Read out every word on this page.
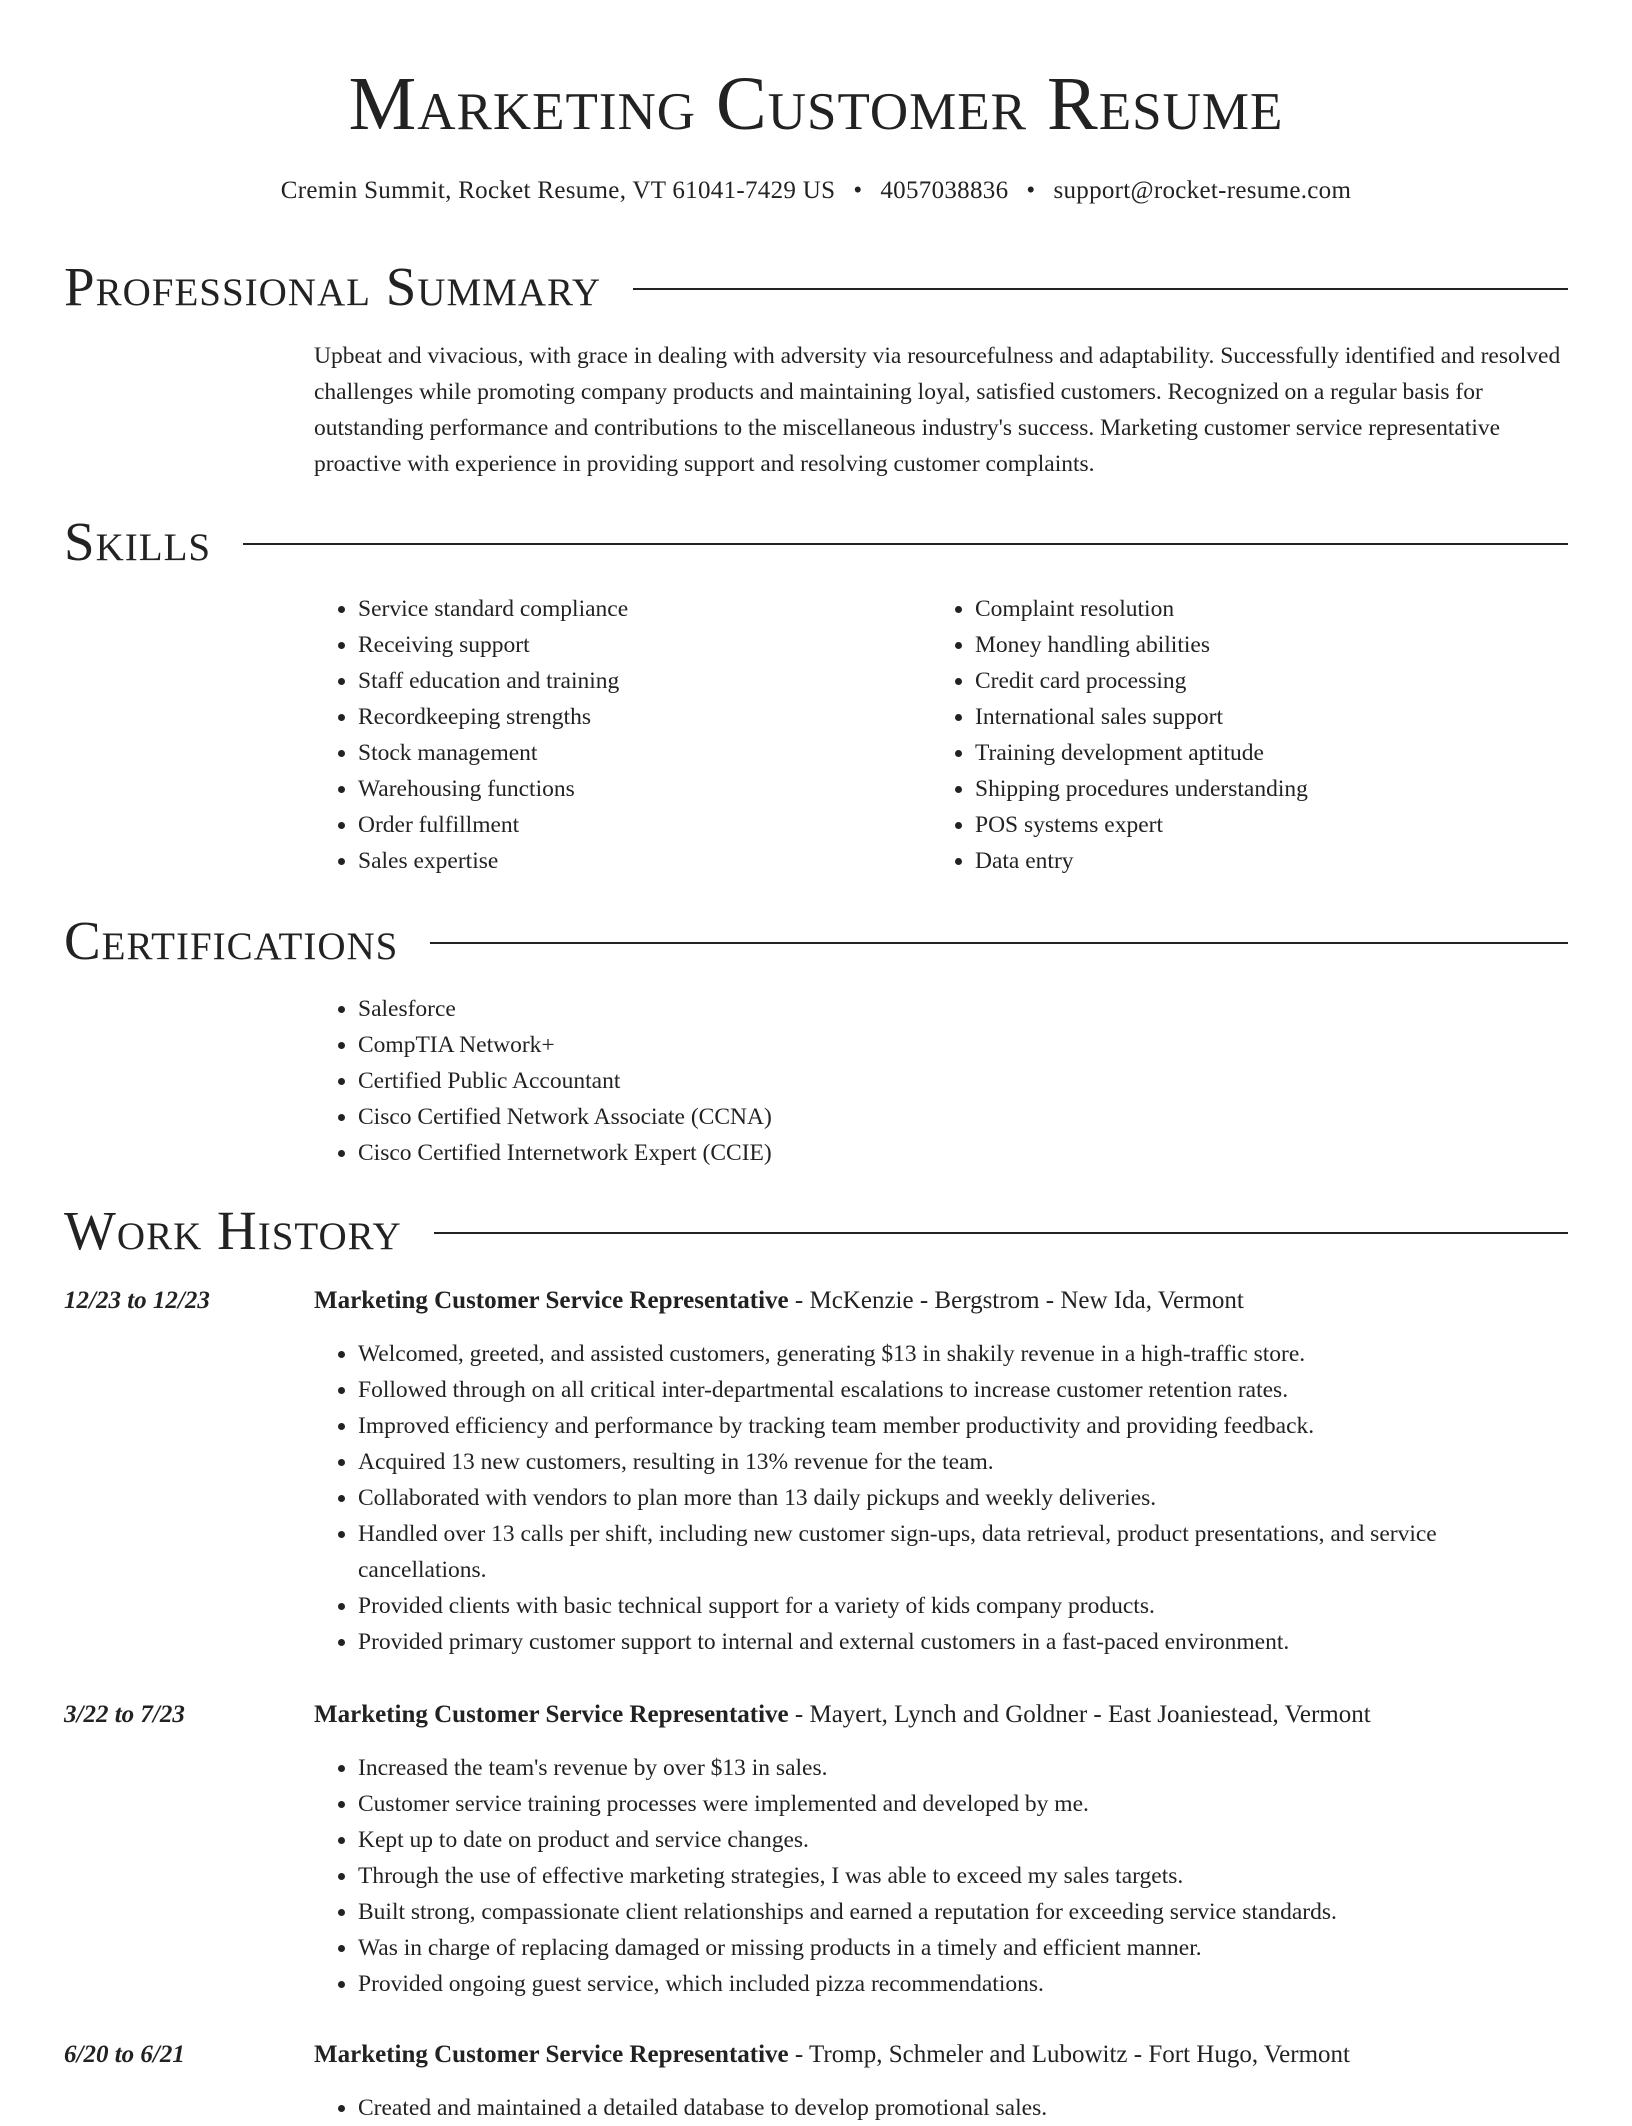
Marketing Customer Resume
Cremin Summit, Rocket Resume, VT 61041-7429 US • 4057038836 • support@rocket-resume.com
Professional Summary
Upbeat and vivacious, with grace in dealing with adversity via resourcefulness and adaptability. Successfully identified and resolved challenges while promoting company products and maintaining loyal, satisfied customers. Recognized on a regular basis for outstanding performance and contributions to the miscellaneous industry's success. Marketing customer service representative proactive with experience in providing support and resolving customer complaints.
Skills
• Service standard compliance
• Receiving support
• Staff education and training
• Recordkeeping strengths
• Stock management
• Warehousing functions
• Order fulfillment
• Sales expertise
• Complaint resolution
• Money handling abilities
• Credit card processing
• International sales support
• Training development aptitude
• Shipping procedures understanding
• POS systems expert
• Data entry
Certifications
• Salesforce
• CompTIA Network+
• Certified Public Accountant
• Cisco Certified Network Associate (CCNA)
• Cisco Certified Internetwork Expert (CCIE)
Work History
12/23 to 12/23	Marketing Customer Service Representative - McKenzie - Bergstrom - New Ida, Vermont
• Welcomed, greeted, and assisted customers, generating $13 in shakily revenue in a high-traffic store.
• Followed through on all critical inter-departmental escalations to increase customer retention rates.
• Improved efficiency and performance by tracking team member productivity and providing feedback.
• Acquired 13 new customers, resulting in 13% revenue for the team.
• Collaborated with vendors to plan more than 13 daily pickups and weekly deliveries.
• Handled over 13 calls per shift, including new customer sign-ups, data retrieval, product presentations, and service cancellations.
• Provided clients with basic technical support for a variety of kids company products.
• Provided primary customer support to internal and external customers in a fast-paced environment.
3/22 to 7/23	Marketing Customer Service Representative - Mayert, Lynch and Goldner - East Joaniestead, Vermont
• Increased the team's revenue by over $13 in sales.
• Customer service training processes were implemented and developed by me.
• Kept up to date on product and service changes.
• Through the use of effective marketing strategies, I was able to exceed my sales targets.
• Built strong, compassionate client relationships and earned a reputation for exceeding service standards.
• Was in charge of replacing damaged or missing products in a timely and efficient manner.
• Provided ongoing guest service, which included pizza recommendations.
6/20 to 6/21	Marketing Customer Service Representative - Tromp, Schmeler and Lubowitz - Fort Hugo, Vermont
• Created and maintained a detailed database to develop promotional sales.
